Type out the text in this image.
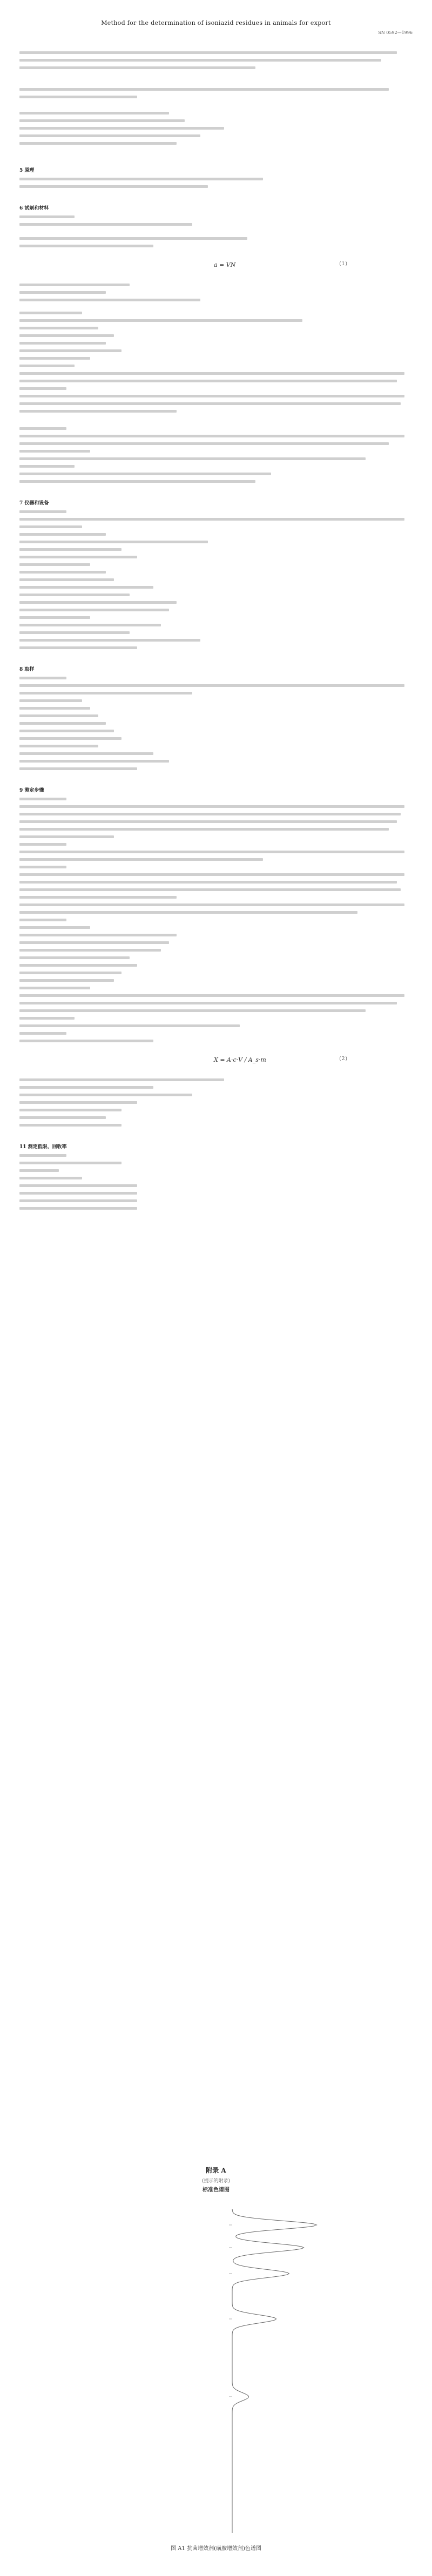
Method for the determination of isoniazid residues in animals for export
SN 0592—1996
5 原理
6 试剂和材料
a = VN	(1)
7 仪器和设备
8 取样
9 测定步骤
X = A·c·V / A_s·m	(2)
11 测定低限、回收率
附录 A
(提示的附录)
标准色谱图
图 A1 抗菌增效剂(磺胺增效剂)色谱图
